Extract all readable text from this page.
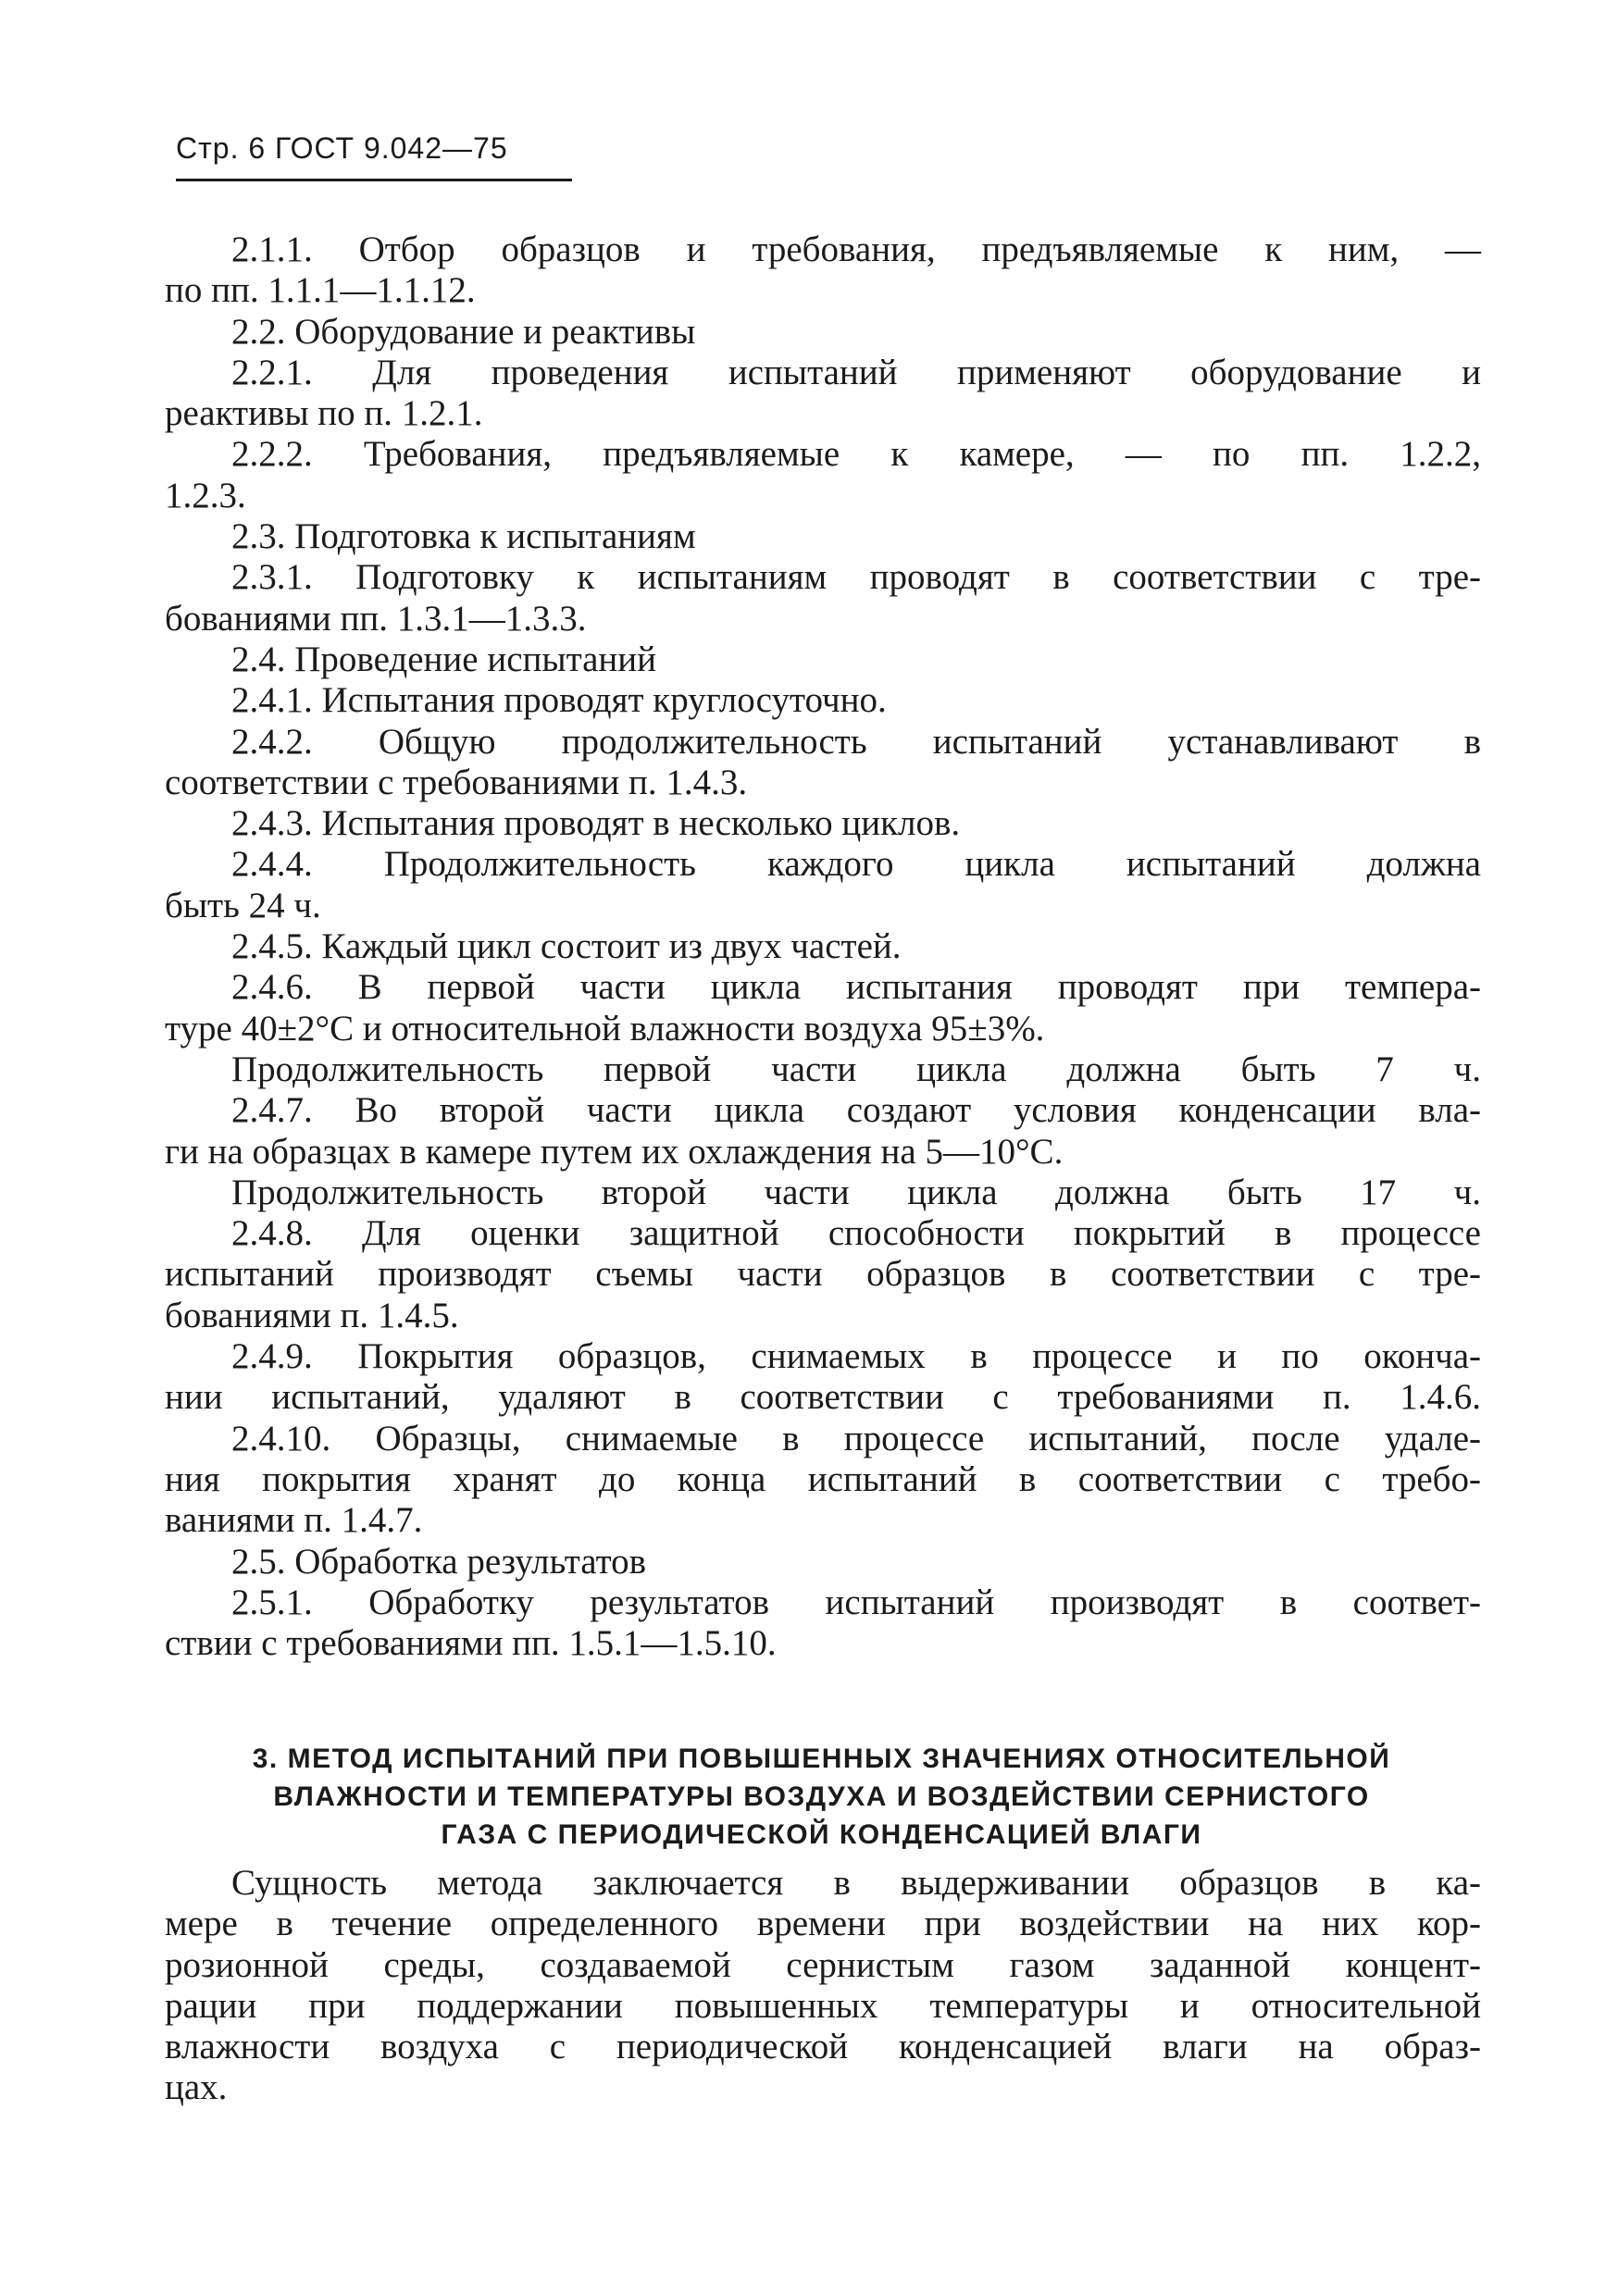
Стр. 6 ГОСТ 9.042—75
2.1.1. Отбор образцов и требования, предъявляемые к ним, —
по пп. 1.1.1—1.1.12.
2.2. Оборудование и реактивы
2.2.1. Для проведения испытаний применяют оборудование и
реактивы по п. 1.2.1.
2.2.2. Требования, предъявляемые к камере, — по пп. 1.2.2,
1.2.3.
2.3. Подготовка к испытаниям
2.3.1. Подготовку к испытаниям проводят в соответствии с тре-
бованиями пп. 1.3.1—1.3.3.
2.4. Проведение испытаний
2.4.1. Испытания проводят круглосуточно.
2.4.2. Общую продолжительность испытаний устанавливают в
соответствии с требованиями п. 1.4.3.
2.4.3. Испытания проводят в несколько циклов.
2.4.4. Продолжительность каждого цикла испытаний должна
быть 24 ч.
2.4.5. Каждый цикл состоит из двух частей.
2.4.6. В первой части цикла испытания проводят при темпера-
туре 40±2°С и относительной влажности воздуха 95±3%.
Продолжительность первой части цикла должна быть 7 ч.
2.4.7. Во второй части цикла создают условия конденсации вла-
ги на образцах в камере путем их охлаждения на 5—10°С.
Продолжительность второй части цикла должна быть 17 ч.
2.4.8. Для оценки защитной способности покрытий в процессе
испытаний производят съемы части образцов в соответствии с тре-
бованиями п. 1.4.5.
2.4.9. Покрытия образцов, снимаемых в процессе и по оконча-
нии испытаний, удаляют в соответствии с требованиями п. 1.4.6.
2.4.10. Образцы, снимаемые в процессе испытаний, после удале-
ния покрытия хранят до конца испытаний в соответствии с требо-
ваниями п. 1.4.7.
2.5. Обработка результатов
2.5.1. Обработку результатов испытаний производят в соответ-
ствии с требованиями пп. 1.5.1—1.5.10.
3. МЕТОД ИСПЫТАНИЙ ПРИ ПОВЫШЕННЫХ ЗНАЧЕНИЯХ ОТНОСИТЕЛЬНОЙ
ВЛАЖНОСТИ И ТЕМПЕРАТУРЫ ВОЗДУХА И ВОЗДЕЙСТВИИ СЕРНИСТОГО
ГАЗА С ПЕРИОДИЧЕСКОЙ КОНДЕНСАЦИЕЙ ВЛАГИ
Сущность метода заключается в выдерживании образцов в ка-
мере в течение определенного времени при воздействии на них кор-
розионной среды, создаваемой сернистым газом заданной концент-
рации при поддержании повышенных температуры и относительной
влажности воздуха с периодической конденсацией влаги на образ-
цах.
